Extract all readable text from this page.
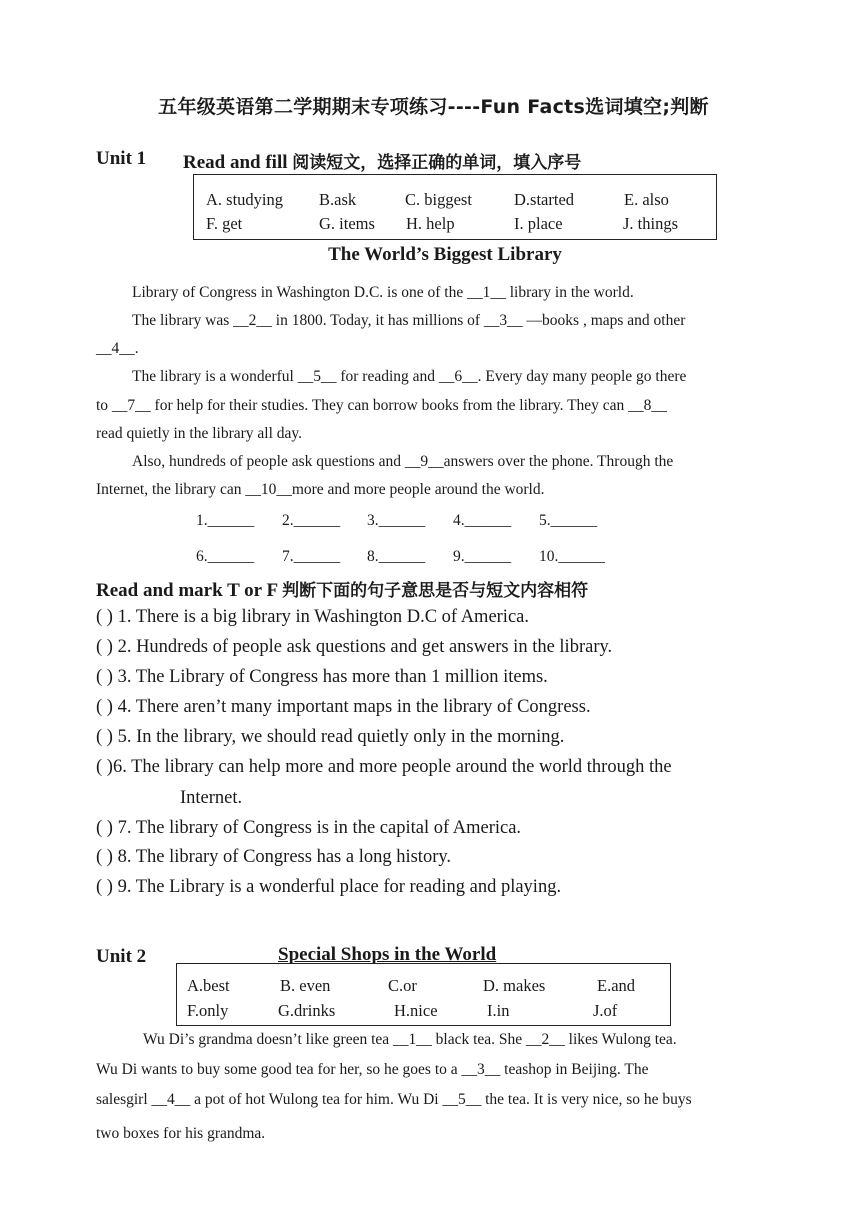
五年级英语第二学期期末专项练习----Fun Facts选词填空;判断
Unit 1 Read and fill 阅读短文，选择正确的单词，填入序号
A. studying B.ask	C. biggest	D.started	E. also
F. get	G. items H. help	I. place	J. things
The World’s Biggest Library
Library of Congress in Washington D.C. is one of the __1__ library in the world.
The library was __2__ in 1800. Today, it has millions of __3__ —books , maps and other
__4__.
The library is a wonderful __5__ for reading and __6__. Every day many people go there
to __7__ for help for their studies. They can borrow books from the library. They can __8__
read quietly in the library all day.
Also, hundreds of people ask questions and __9__answers over the phone. Through the
Internet, the library can __10__more and more people around the world.
1.______ 2.______ 3.______ 4.______ 5.______
6.______ 7.______ 8.______ 9.______ 10.______
Read and mark T or F 判断下面的句子意思是否与短文内容相符
( ) 1. There is a big library in Washington D.C of America.
( ) 2. Hundreds of people ask questions and get answers in the library.
( ) 3. The Library of Congress has more than 1 million items.
( ) 4. There aren’t many important maps in the library of Congress.
( ) 5. In the library, we should read quietly only in the morning.
( )6. The library can help more and more people around the world through the
Internet.
( ) 7. The library of Congress is in the capital of America.
( ) 8. The library of Congress has a long history.
( ) 9. The Library is a wonderful place for reading and playing.
Unit 2	Special Shops in the World
A.best	B. even	C.or	D. makes	E.and
F.only	G.drinks	H.nice	I.in	J.of
Wu Di’s grandma doesn’t like green tea __1__ black tea. She __2__ likes Wulong tea.
Wu Di wants to buy some good tea for her, so he goes to a __3__ teashop in Beijing. The
salesgirl __4__ a pot of hot Wulong tea for him. Wu Di __5__ the tea. It is very nice, so he buys
two boxes for his grandma.
